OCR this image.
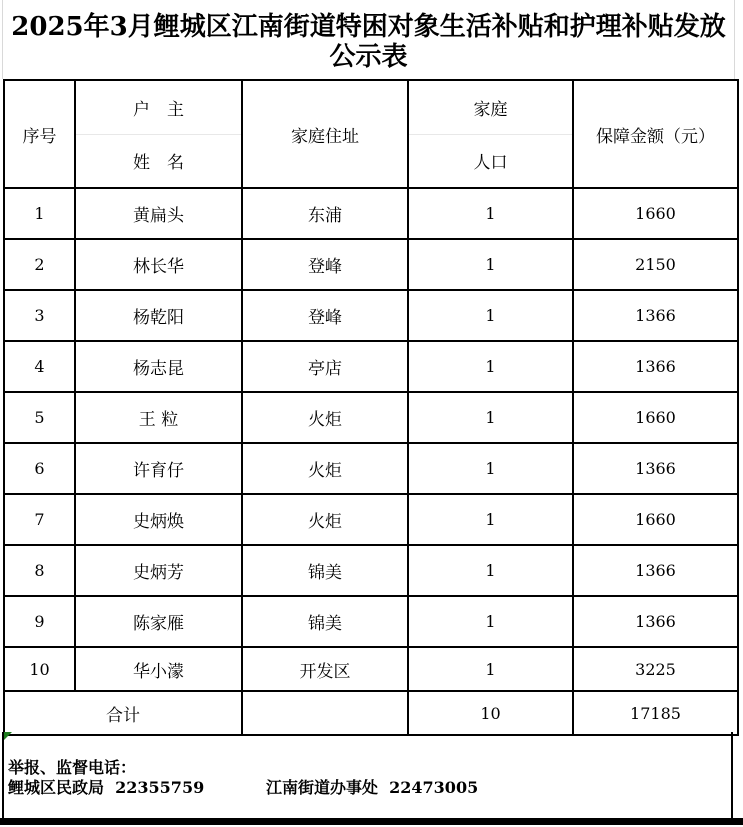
2025年3月鲤城区江南街道特困对象生活补贴和护理补贴发放
公示表
序号	户　主	家庭住址	家庭	保障金额（元）
	姓　名		人口	
1	黄扁头	东浦	1	1660
2	林长华	登峰	1	2150
3	杨乾阳	登峰	1	1366
4	杨志昆	亭店	1	1366
5	王 粒	火炬	1	1660
6	许育仔	火炬	1	1366
7	史炳焕	火炬	1	1660
8	史炳芳	锦美	1	1366
9	陈家雁	锦美	1	1366
10	华小濛	开发区	1	3225
合计			10	17185
举报、监督电话：
鲤城区民政局  22355759	江南街道办事处  22473005
